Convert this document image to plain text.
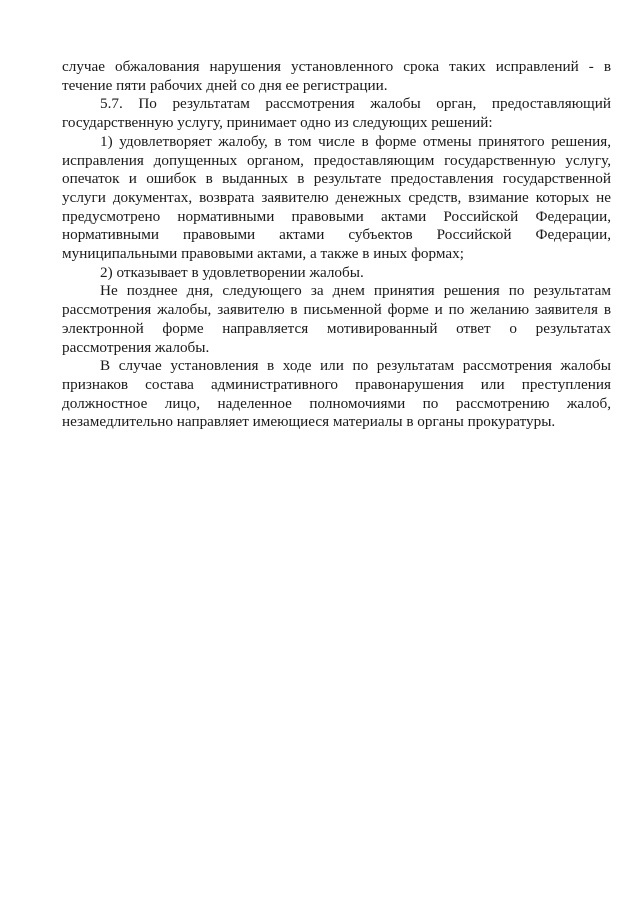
случае обжалования нарушения установленного срока таких исправлений - в течение пяти рабочих дней со дня ее регистрации.

5.7. По результатам рассмотрения жалобы орган, предоставляющий государственную услугу, принимает одно из следующих решений:

1) удовлетворяет жалобу, в том числе в форме отмены принятого решения, исправления допущенных органом, предоставляющим государственную услугу, опечаток и ошибок в выданных в результате предоставления государственной услуги документах, возврата заявителю денежных средств, взимание которых не предусмотрено нормативными правовыми актами Российской Федерации, нормативными правовыми актами субъектов Российской Федерации, муниципальными правовыми актами, а также в иных формах;

2) отказывает в удовлетворении жалобы.

Не позднее дня, следующего за днем принятия решения по результатам рассмотрения жалобы, заявителю в письменной форме и по желанию заявителя в электронной форме направляется мотивированный ответ о результатах рассмотрения жалобы.

В случае установления в ходе или по результатам рассмотрения жалобы признаков состава административного правонарушения или преступления должностное лицо, наделенное полномочиями по рассмотрению жалоб, незамедлительно направляет имеющиеся материалы в органы прокуратуры.
